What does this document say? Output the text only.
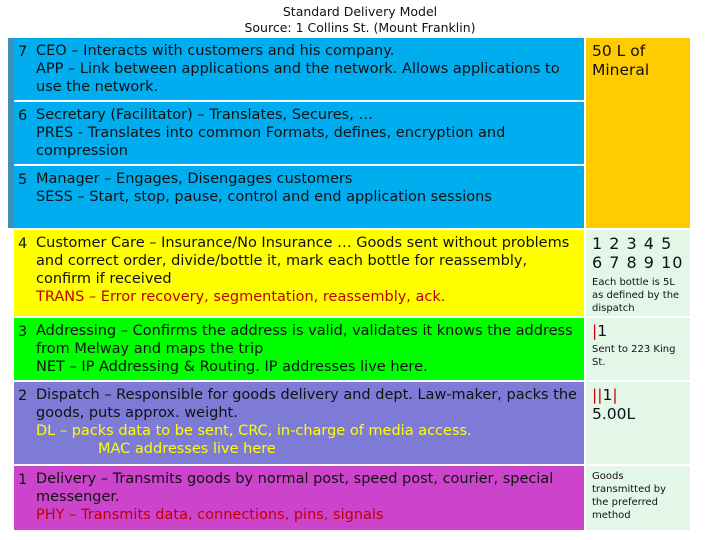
Standard Delivery Model
Source: 1 Collins St. (Mount Franklin)
7 CEO – Interacts with customers and his company.
APP – Link between applications and the network. Allows applications to use the network.
6 Secretary (Facilitator) – Translates, Secures, …
PRES - Translates into common Formats, defines, encryption and compression
5 Manager – Engages, Disengages customers
SESS – Start, stop, pause, control and end application sessions
4 Customer Care – Insurance/No Insurance … Goods sent without problems and correct order, divide/bottle it, mark each bottle for reassembly, confirm if received
TRANS – Error recovery, segmentation, reassembly, ack.
3 Addressing – Confirms the address is valid, validates it knows the address from Melway and maps the trip
NET – IP Addressing & Routing. IP addresses live here.
2 Dispatch – Responsible for goods delivery and dept. Law-maker, packs the goods, puts approx. weight.
DL – packs data to be sent, CRC, in-charge of media access.
MAC addresses live here
1 Delivery – Transmits goods by normal post, speed post, courier, special messenger.
PHY – Transmits data, connections, pins, signals
50 L of Mineral
1 2 3 4 5
6 7 8 9 10
Each bottle is 5L as defined by the dispatch
|1
Sent to 223 King St.
||1|
5.00L
Goods transmitted by the preferred method
